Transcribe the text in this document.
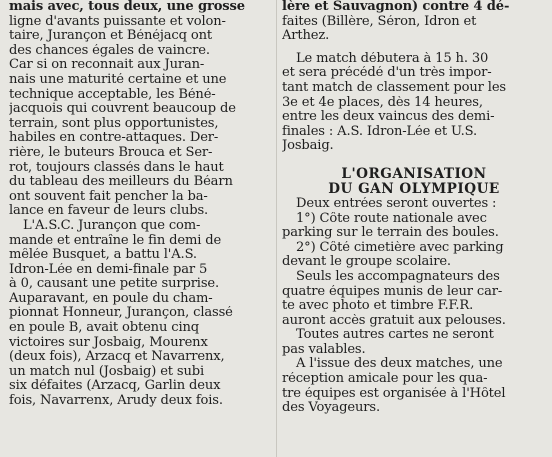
mais avec, tous deux, une grosse
ligne d'avants puissante et volon-
taire, Jurançon et Bénéjacq ont
des chances égales de vaincre.
Car si on reconnait aux Juran-
nais une maturité certaine et une
technique acceptable, les Béné-
jacquois qui couvrent beaucoup de
terrain, sont plus opportunistes,
habiles en contre-attaques. Der-
rière, le buteurs Brouca et Ser-
rot, toujours classés dans le haut
du tableau des meilleurs du Béarn
ont souvent fait pencher la ba-
lance en faveur de leurs clubs.
L'A.S.C. Jurançon que com-
mande et entraîne le fin demi de
mêlée Busquet, a battu l'A.S.
Idron-Lée en demi-finale par 5
à 0, causant une petite surprise.
Auparavant, en poule du cham-
pionnat Honneur, Jurançon, classé
en poule B, avait obtenu cinq
victoires sur Josbaig, Mourenx
(deux fois), Arzacq et Navarrenx,
un match nul (Josbaig) et subi
six défaites (Arzacq, Garlin deux
fois, Navarrenx, Arudy deux fois.
lère et Sauvagnon) contre 4 dé-
faites (Billère, Séron, Idron et
Arthez.
Le match débutera à 15 h. 30
et sera précédé d'un très impor-
tant match de classement pour les
3e et 4e places, dès 14 heures,
entre les deux vaincus des demi-
finales : A.S. Idron-Lée et U.S.
Josbaig.
L'ORGANISATION
DU GAN OLYMPIQUE
Deux entrées seront ouvertes :
1°) Côte route nationale avec
parking sur le terrain des boules.
2°) Côté cimetière avec parking
devant le groupe scolaire.
Seuls les accompagnateurs des
quatre équipes munis de leur car-
te avec photo et timbre F.F.R.
auront accès gratuit aux pelouses.
Toutes autres cartes ne seront
pas valables.
A l'issue des deux matches, une
réception amicale pour les qua-
tre équipes est organisée à l'Hôtel
des Voyageurs.
